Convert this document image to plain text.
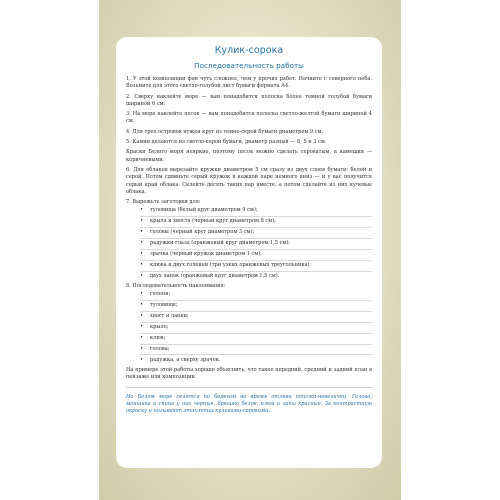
Кулик-сорока
Последовательность работы

1. У этой композиции фон чуть сложнее, чем у прочих работ. Начните с северного неба. Возьмите для этого светло-голубой лист бумаги формата А4.

2. Сверху наклейте море — вам понадобится полоска более темной голубой бумаги шириной 6 см.

3. На море наклейте песок — вам понадобится полоска светло-желтой бумаги шириной 4 см.

4. Для трех островов нужен круг из темно-серой бумаги диаметром 9 см.

5. Камни делаются из светло-серой бумаги, диаметр разный — 8, 5 и 3 см.

Краски Белого моря неяркие, поэтому песок можно сделать сероватым, а камешки — коричневыми.

6. Для облаков вырезайте кружки диаметром 5 см сразу из двух слоев бумаги: белой и серой. Потом сдвиньте серый кружок в каждой паре немного вниз — и у вас получится серый край облака. Склейте десять таких пар вместе, а потом сделайте из них кучевые облака.

7. Вырежьте заготовки для:

•	туловища (белый круг диаметром 9 см);
•	крыла и хвоста (черный круг диаметром 8 см);
•	головы (черный круг диаметром 3 см);
•	радужки глаза (оранжевый круг диаметром 1,5 см);
•	зрачка (черный кружок диаметром 1 см);
•	клюва и двух голеней (три узких оранжевых треугольника);
•	двух лапок (оранжевый круг диаметром 1,5 см).

8. Последовательность наклеивания:

•	голени;
•	туловище;
•	хвост и лапки;
•	крыло;
•	клюв;
•	голова;
•	радужка, а сверху зрачок.

На примере этой работы хорошо объяснить, что такое передний, средний и задний план в пейзаже или композиции.

На Белом море селятся по берегам во время отлива птички-невелички. Голова, манишка и спина у них черные, брюшко белое, клюв и лапы красные. За контрастную окраску и называют этих птиц куликами-сороками.
